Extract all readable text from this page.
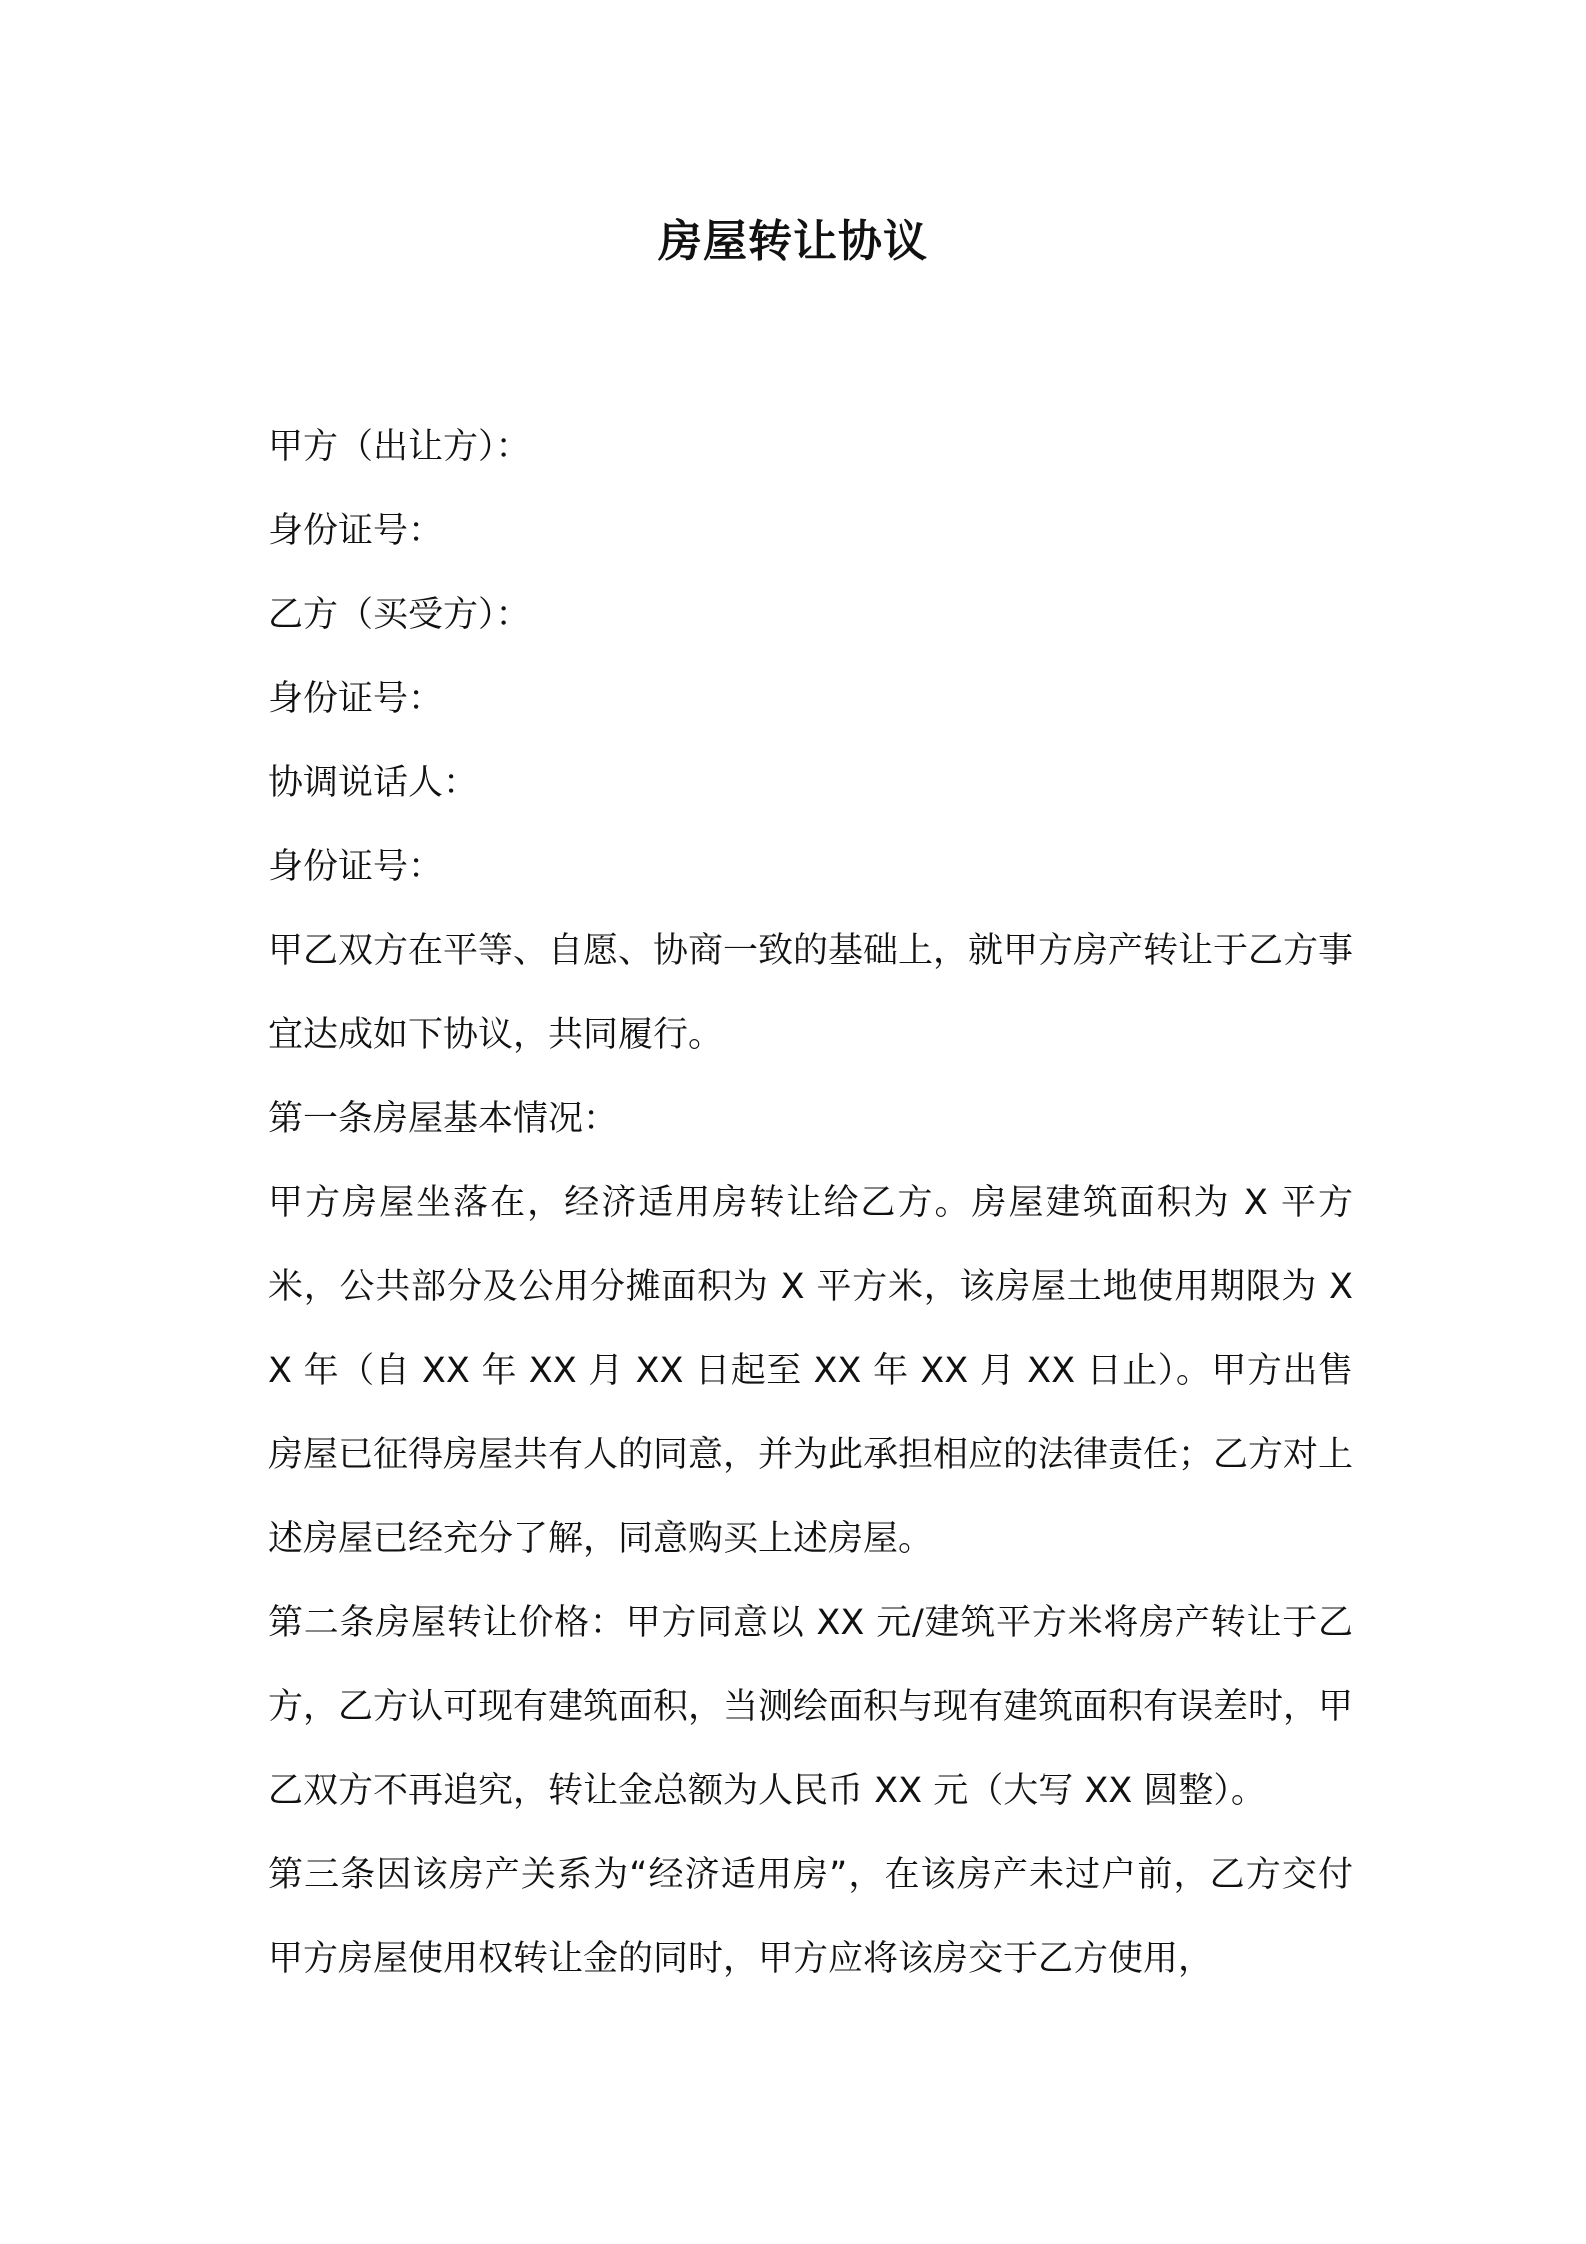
房屋转让协议

甲方（出让方）：

身份证号：

乙方（买受方）：

身份证号：

协调说话人：

身份证号：

甲乙双方在平等、自愿、协商一致的基础上，就甲方房产转让于乙方事宜达成如下协议，共同履行。

第一条房屋基本情况：

甲方房屋坐落在，经济适用房转让给乙方。房屋建筑面积为 X 平方米，公共部分及公用分摊面积为 X 平方米，该房屋土地使用期限为 XX 年（自 XX 年 XX 月 XX 日起至 XX 年 XX 月 XX 日止）。甲方出售房屋已征得房屋共有人的同意，并为此承担相应的法律责任；乙方对上述房屋已经充分了解，同意购买上述房屋。

第二条房屋转让价格：甲方同意以 XX 元/建筑平方米将房产转让于乙方，乙方认可现有建筑面积，当测绘面积与现有建筑面积有误差时，甲乙双方不再追究，转让金总额为人民币 XX 元（大写 XX 圆整）。

第三条因该房产关系为“经济适用房”，在该房产未过户前，乙方交付甲方房屋使用权转让金的同时，甲方应将该房交于乙方使用，
